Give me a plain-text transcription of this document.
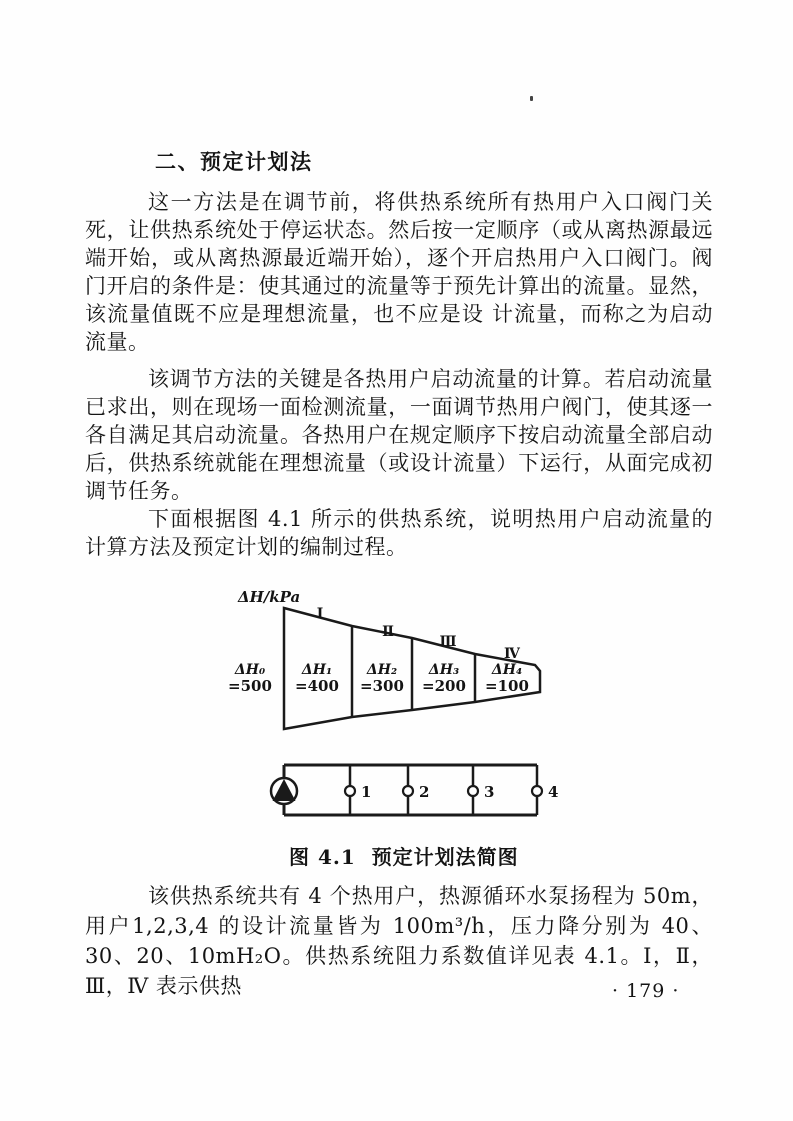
二、预定计划法

这一方法是在调节前，将供热系统所有热用户入口阀门关死，让供热系统处于停运状态。然后按一定顺序（或从离热源最远端开始，或从离热源最近端开始），逐个开启热用户入口阀门。阀门开启的条件是：使其通过的流量等于预先计算出的流量。显然，该流量值既不应是理想流量，也不应是设 计流量，而称之为启动流量。

该调节方法的关键是各热用户启动流量的计算。若启动流量已求出，则在现场一面检测流量，一面调节热用户阀门，使其逐一各自满足其启动流量。各热用户在规定顺序下按启动流量全部启动后，供热系统就能在理想流量（或设计流量）下运行，从面完成初调节任务。

下面根据图 4.1 所示的供热系统，说明热用户启动流量的计算方法及预定计划的编制过程。

ΔH/kPa
Ⅰ
Ⅱ
Ⅲ
Ⅳ
ΔH₀
=500
ΔH₁
=400
ΔH₂
=300
ΔH₃
=200
ΔH₄
=100
1	2	3	4
图 4.1  预定计划法简图

该供热系统共有 4 个热用户，热源循环水泵扬程为 50m，用户1,2,3,4 的设计流量皆为 100m³/h，压力降分别为 40、30、20、10mH₂O。供热系统阻力系数值详见表 4.1。Ⅰ，Ⅱ，Ⅲ，Ⅳ 表示供热	· 179 ·
